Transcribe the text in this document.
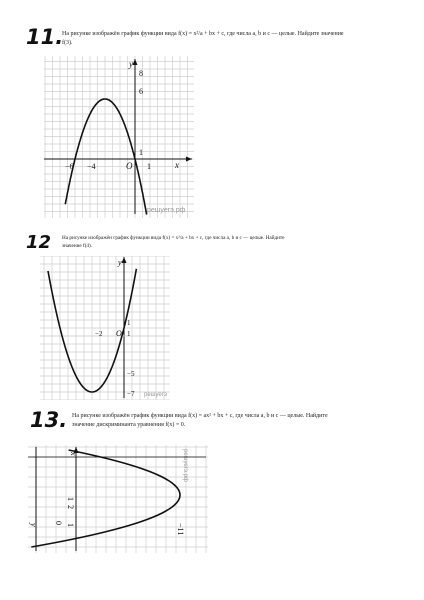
11.
На рисунке изображён график функции вида f(x) = x²/a + bx + c, где числа a, b и c — целые. Найдите значение f(3).
x
y
O
−6 −4	1
1
6
8
решуегэ.рф
12 На рисунке изображён график функции вида f(x) = x²/a + bx + c, где числа a, b и c — целые. Найдите значение f(4).
y
O
−2	1
1
−5
−7 решуегэ
13. На рисунке изображён график функции вида f(x) = ax² + bx + c, где числа a, b и c — целые. Найдите значение дискриминанта уравнения f(x) = 0.
x
y 0
1
2
1	−11
решуегэ.рф
